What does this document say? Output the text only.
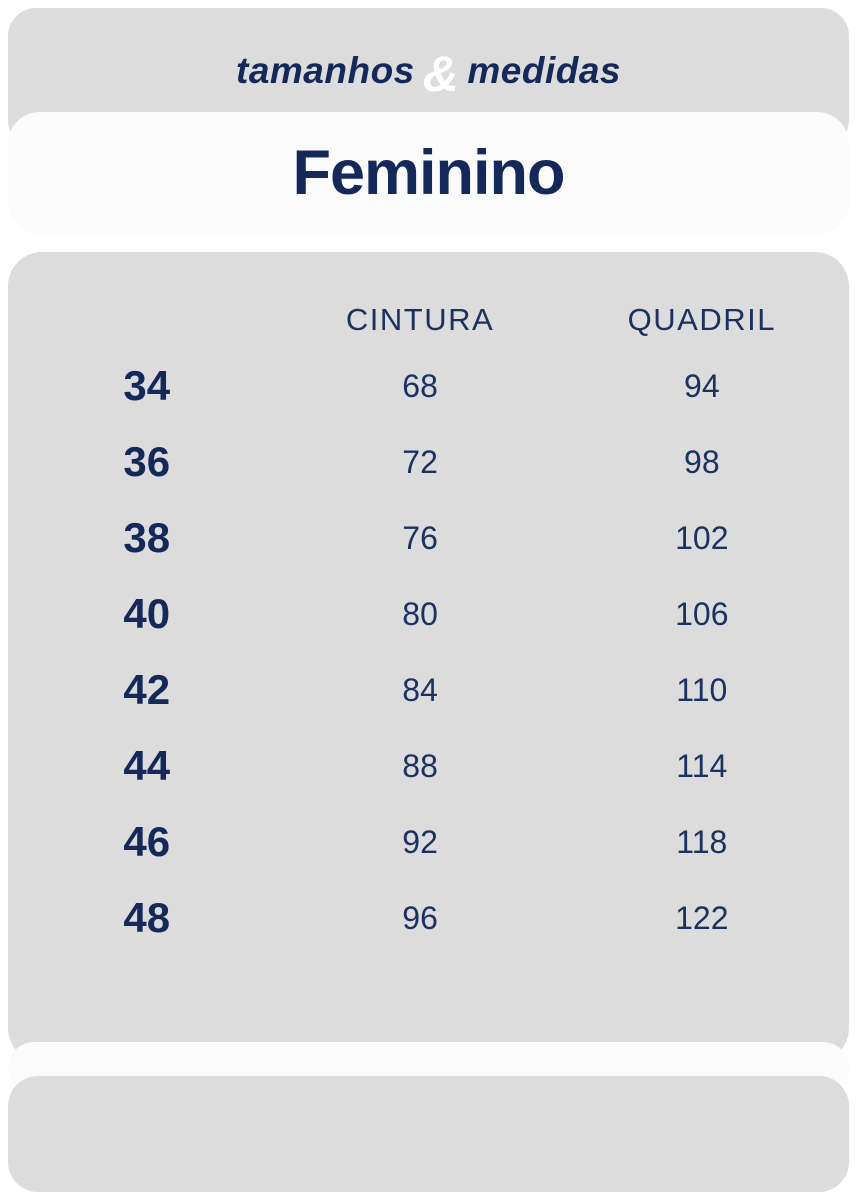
tamanhos & medidas
Feminino
	CINTURA	QUADRIL
34	68	94
36	72	98
38	76	102
40	80	106
42	84	110
44	88	114
46	92	118
48	96	122
